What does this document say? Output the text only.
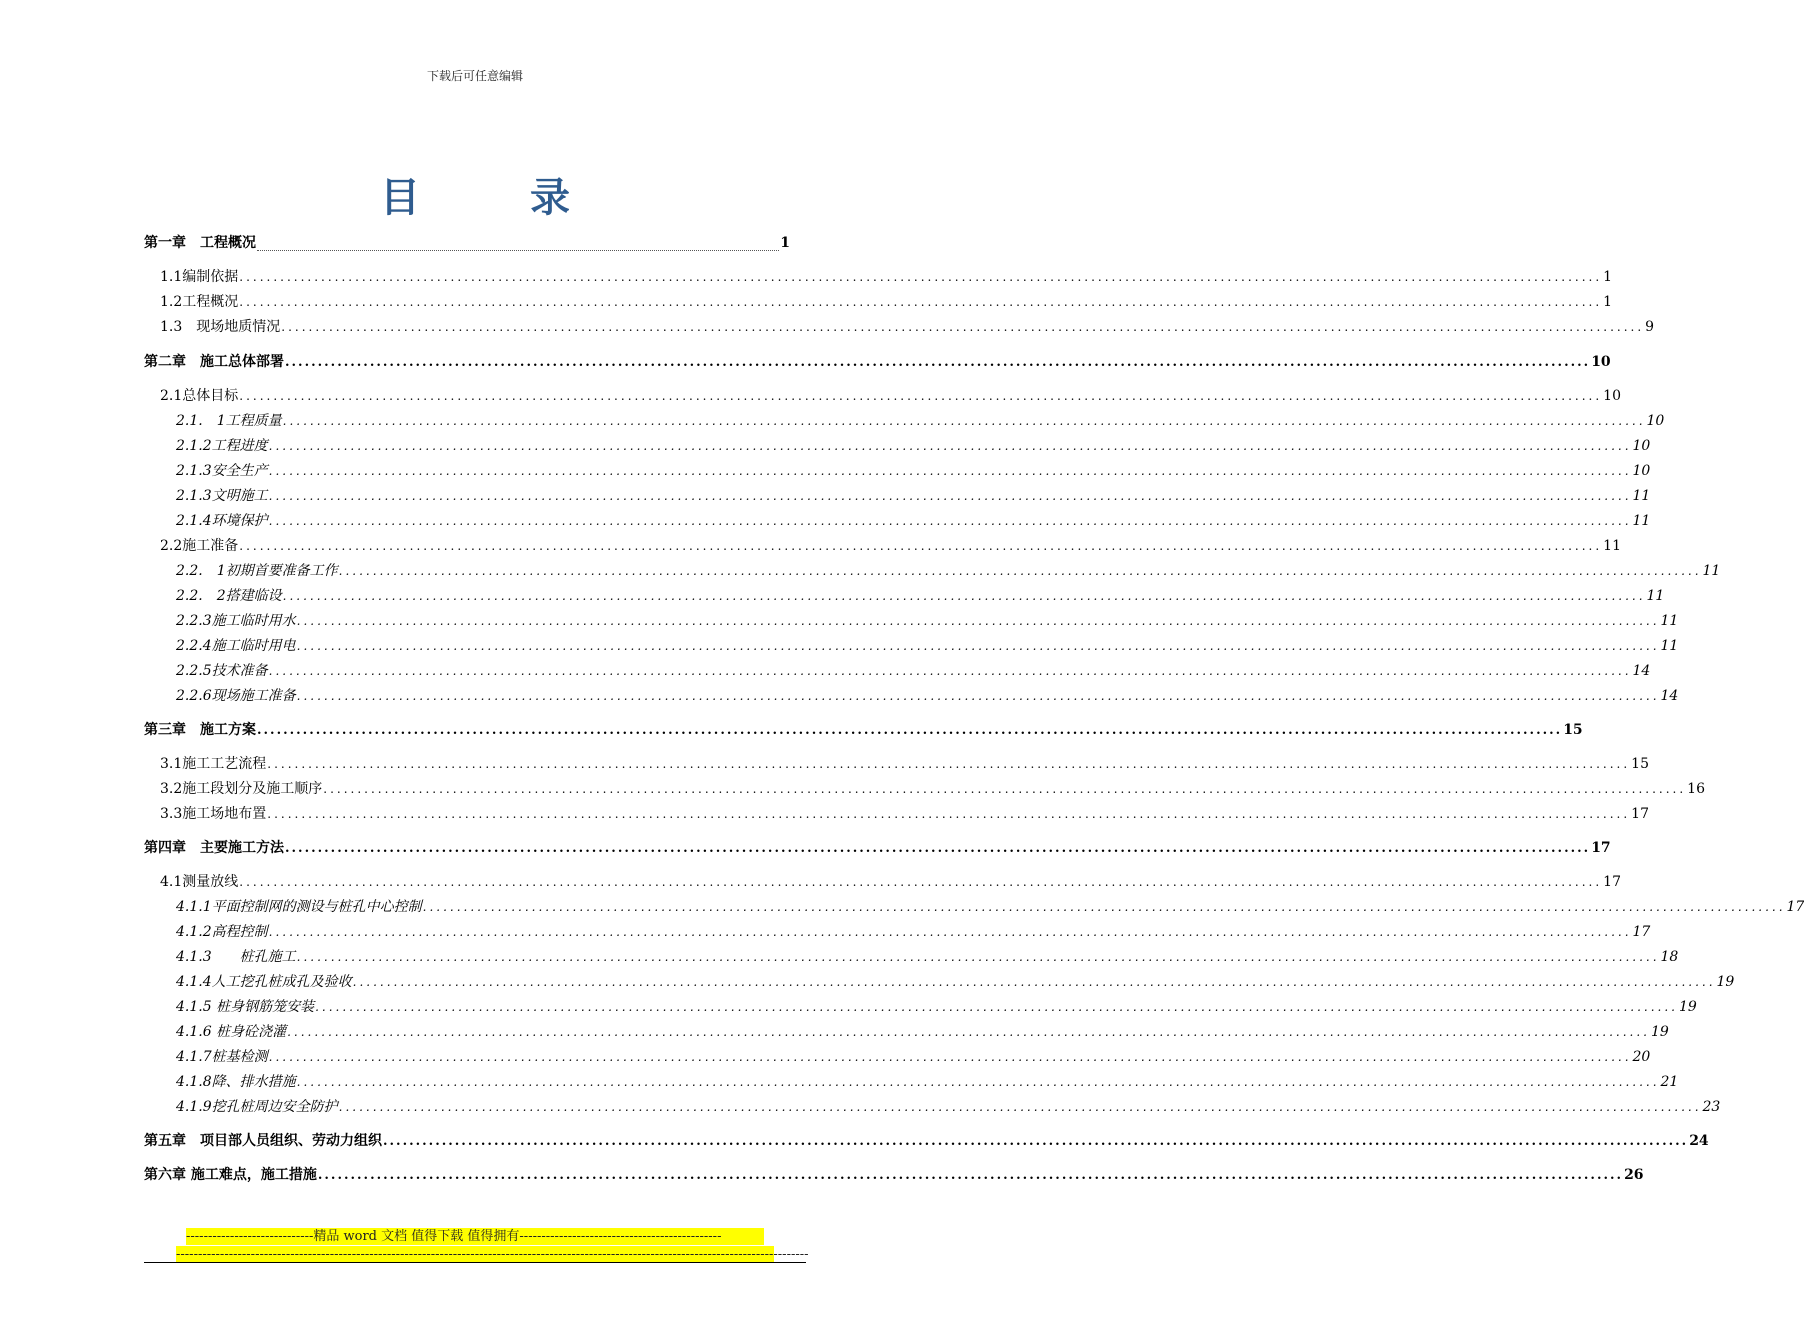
下载后可任意编辑
目	录
第一章　工程概况	1
1.1编制依据 ........................................................................................................................................................................................................ 1
1.2工程概况 ........................................................................................................................................................................................................ 1
1.3　现场地质情况 ........................................................................................................................................................................................................ 9
第二章　施工总体部署 ........................................................................................................................................................................................................ 10
2.1总体目标 ........................................................................................................................................................................................................ 10
2.1.　1工程质量 ........................................................................................................................................................................................................ 10
2.1.2工程进度 ........................................................................................................................................................................................................ 10
2.1.3安全生产 ........................................................................................................................................................................................................ 10
2.1.3文明施工 ........................................................................................................................................................................................................ 11
2.1.4环境保护 ........................................................................................................................................................................................................ 11
2.2施工准备 ........................................................................................................................................................................................................ 11
2.2.　1初期首要准备工作 ........................................................................................................................................................................................................ 11
2.2.　2搭建临设 ........................................................................................................................................................................................................ 11
2.2.3施工临时用水 ........................................................................................................................................................................................................ 11
2.2.4施工临时用电 ........................................................................................................................................................................................................ 11
2.2.5技术准备 ........................................................................................................................................................................................................ 14
2.2.6现场施工准备 ........................................................................................................................................................................................................ 14
第三章　施工方案 ........................................................................................................................................................................................................ 15
3.1施工工艺流程 ........................................................................................................................................................................................................ 15
3.2施工段划分及施工顺序 ........................................................................................................................................................................................................ 16
3.3施工场地布置 ........................................................................................................................................................................................................ 17
第四章　主要施工方法 ........................................................................................................................................................................................................ 17
4.1测量放线 ........................................................................................................................................................................................................ 17
4.1.1平面控制网的测设与桩孔中心控制 ........................................................................................................................................................................................................ 17
4.1.2高程控制 ........................................................................................................................................................................................................ 17
4.1.3　　桩孔施工 ........................................................................................................................................................................................................ 18
4.1.4人工挖孔桩成孔及验收 ........................................................................................................................................................................................................ 19
4.1.5 桩身钢筋笼安装 ........................................................................................................................................................................................................ 19
4.1.6 桩身砼浇灌 ........................................................................................................................................................................................................ 19
4.1.7桩基检测 ........................................................................................................................................................................................................ 20
4.1.8降、排水措施 ........................................................................................................................................................................................................ 21
4.1.9挖孔桩周边安全防护 ........................................................................................................................................................................................................ 23
第五章　项目部人员组织、劳动力组织 ........................................................................................................................................................................................................ 24
第六章 施工难点，施工措施 ........................................................................................................................................................................................................ 26
-----------------------------精品 word 文档 值得下载 值得拥有----------------------------------------------
------------------------------------------------------------------------------------------------------------------------------------------------
